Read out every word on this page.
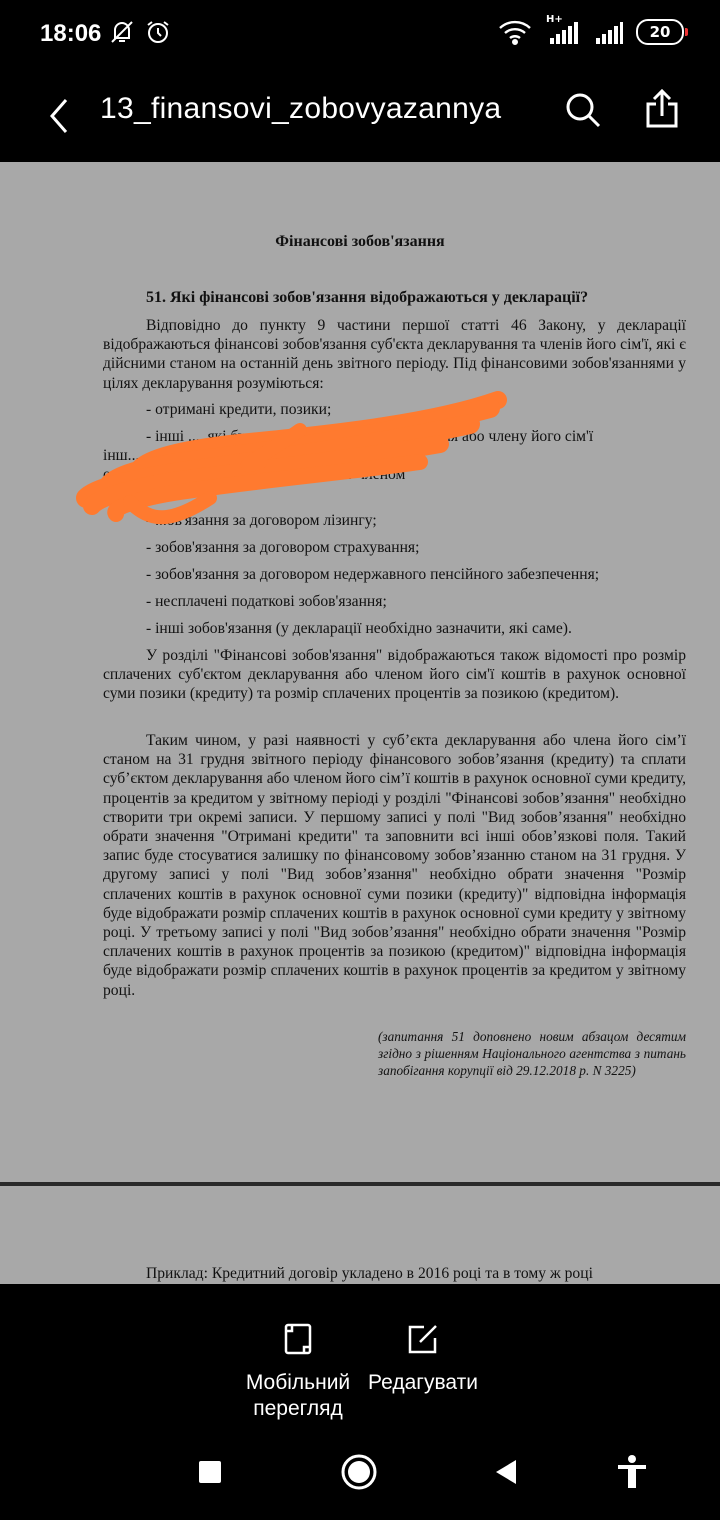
18:06
H+
20
13_finansovi_zobovyazannya
Фінансові зобов'язання
51. Які фінансові зобов'язання відображаються у декларації?
Відповідно до пункту 9 частини першої статті 46 Закону, у декларації відображаються фінансові зобов'язання суб'єкта декларування та членів його сім'ї, які є дійсними станом на останній день звітного періоду. Під фінансовими зобов'язаннями у цілях декларування розуміються:
- отримані кредити, позики;
- інші ..., які були позичені суб'... декларування або члену його сім'ї
інш... ...бо ... ...ідсоткова фінансова допомога,
отр... ...ні суб'єктом декларування або членом
- ...ов'язання за договором лізингу;
- зобов'язання за договором страхування;
- зобов'язання за договором недержавного пенсійного забезпечення;
- несплачені податкові зобов'язання;
- інші зобов'язання (у декларації необхідно зазначити, які саме).
У розділі "Фінансові зобов'язання" відображаються також відомості про розмір сплачених суб'єктом декларування або членом його сім'ї коштів в рахунок основної суми позики (кредиту) та розмір сплачених процентів за позикою (кредитом).
Таким чином, у разі наявності у суб’єкта декларування або члена його сім’ї станом на 31 грудня звітного періоду фінансового зобов’язання (кредиту) та сплати суб’єктом декларування або членом його сім’ї коштів в рахунок основної суми кредиту, процентів за кредитом у звітному періоді у розділі "Фінансові зобов’язання" необхідно створити три окремі записи. У першому записі у полі "Вид зобов’язання" необхідно обрати значення "Отримані кредити" та заповнити всі інші обов’язкові поля. Такий запис буде стосуватися залишку по фінансовому зобов’язанню станом на 31 грудня. У другому записі у полі "Вид зобов’язання" необхідно обрати значення "Розмір сплачених коштів в рахунок основної суми позики (кредиту)" відповідна інформація буде відображати розмір сплачених коштів в рахунок основної суми кредиту у звітному році. У третьому записі у полі "Вид зобов’язання" необхідно обрати значення "Розмір сплачених коштів в рахунок процентів за позикою (кредитом)" відповідна інформація буде відображати розмір сплачених коштів в рахунок процентів за кредитом у звітному році.
(запитання 51 доповнено новим абзацом десятим згідно з рішенням Національного агентства з питань запобігання корупції від 29.12.2018 р. N 3225)
Приклад: Кредитний договір укладено в 2016 році та в тому ж році
Мобільний перегляд
Редагувати
